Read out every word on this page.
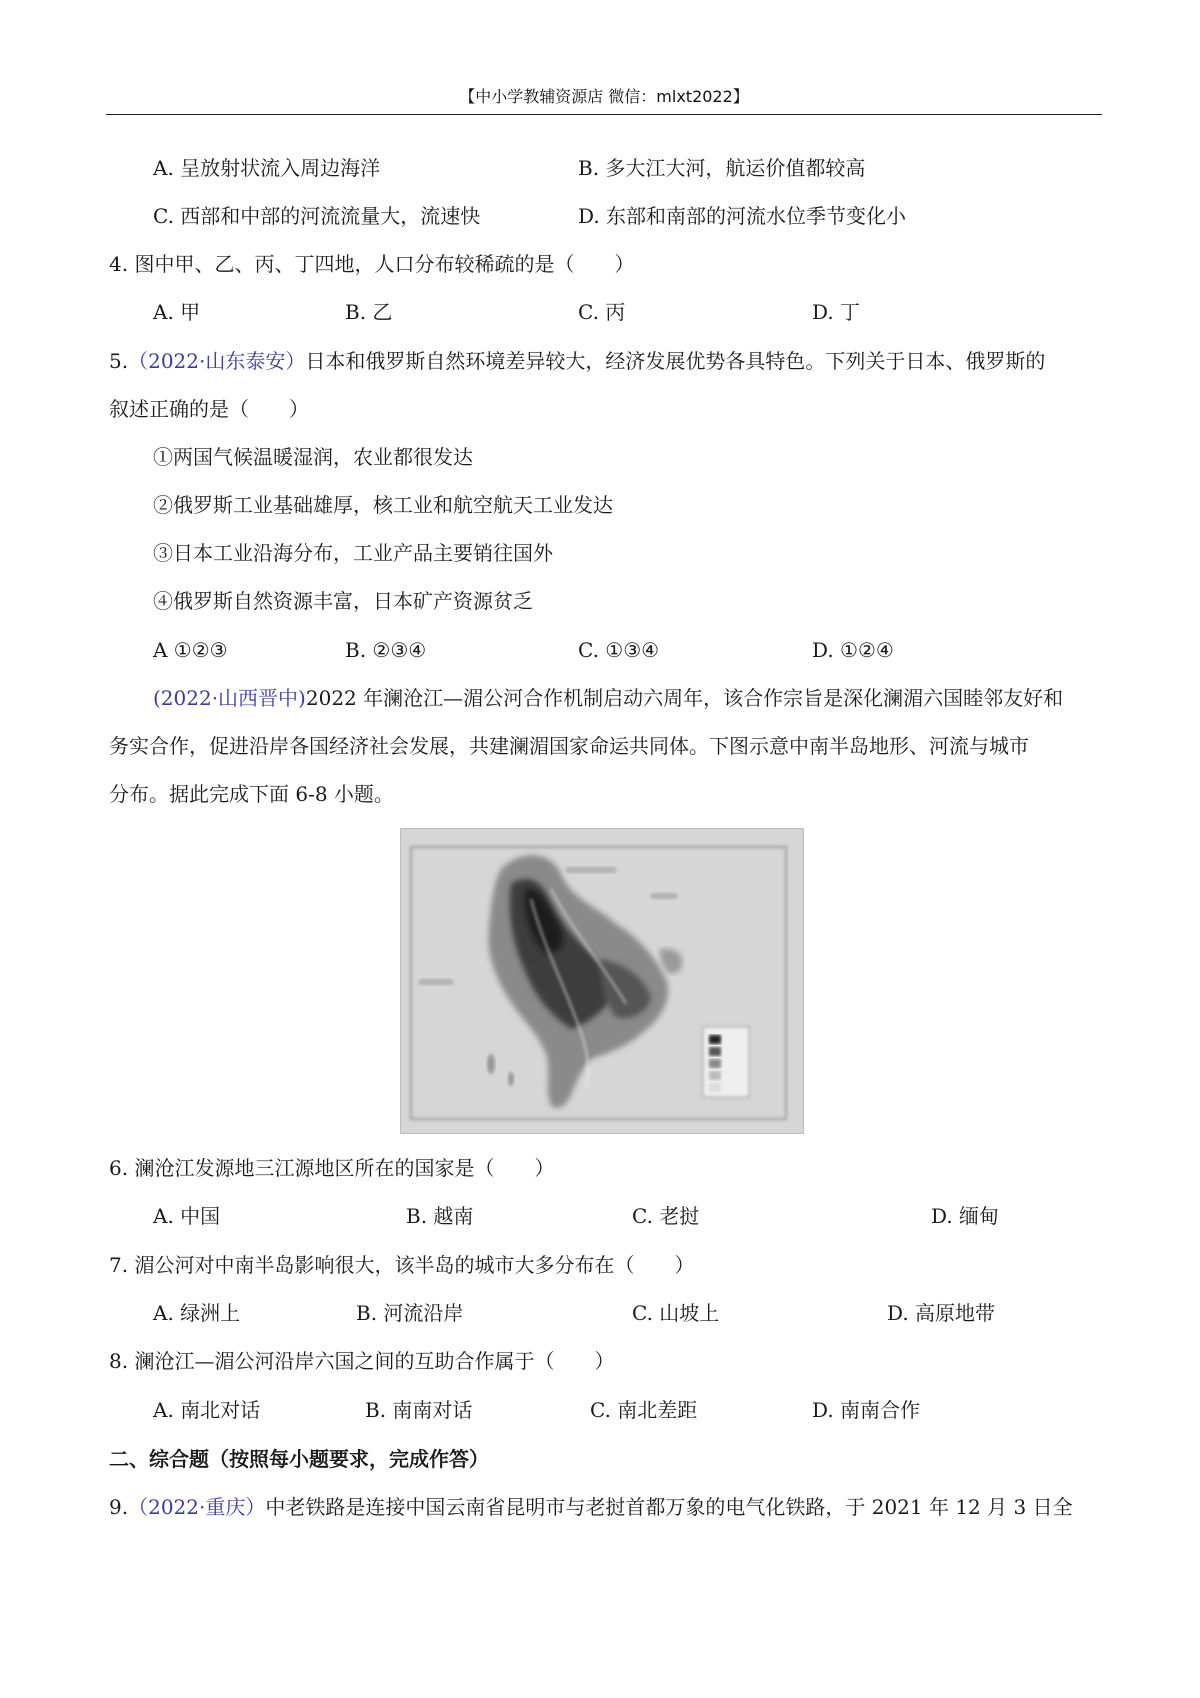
【中小学教辅资源店 微信：mlxt2022】
A. 呈放射状流入周边海洋	B. 多大江大河，航运价值都较高
C. 西部和中部的河流流量大，流速快	D. 东部和南部的河流水位季节变化小
4. 图中甲、乙、丙、丁四地，人口分布较稀疏的是（　　）
A. 甲	B. 乙	C. 丙	D. 丁
5.（2022·山东泰安）日本和俄罗斯自然环境差异较大，经济发展优势各具特色。下列关于日本、俄罗斯的
叙述正确的是（　　）
①两国气候温暖湿润，农业都很发达
②俄罗斯工业基础雄厚，核工业和航空航天工业发达
③日本工业沿海分布，工业产品主要销往国外
④俄罗斯自然资源丰富，日本矿产资源贫乏
A ①②③	B. ②③④	C. ①③④	D. ①②④
(2022·山西晋中)2022 年澜沧江—湄公河合作机制启动六周年，该合作宗旨是深化澜湄六国睦邻友好和
务实合作，促进沿岸各国经济社会发展，共建澜湄国家命运共同体。下图示意中南半岛地形、河流与城市
分布。据此完成下面 6-8 小题。
6. 澜沧江发源地三江源地区所在的国家是（　　）
A. 中国	B. 越南	C. 老挝	D. 缅甸
7. 湄公河对中南半岛影响很大，该半岛的城市大多分布在（　　）
A. 绿洲上	B. 河流沿岸	C. 山坡上	D. 高原地带
8. 澜沧江—湄公河沿岸六国之间的互助合作属于（　　）
A. 南北对话	B. 南南对话	C. 南北差距	D. 南南合作
二、综合题（按照每小题要求，完成作答）
9.（2022·重庆）中老铁路是连接中国云南省昆明市与老挝首都万象的电气化铁路，于 2021 年 12 月 3 日全
